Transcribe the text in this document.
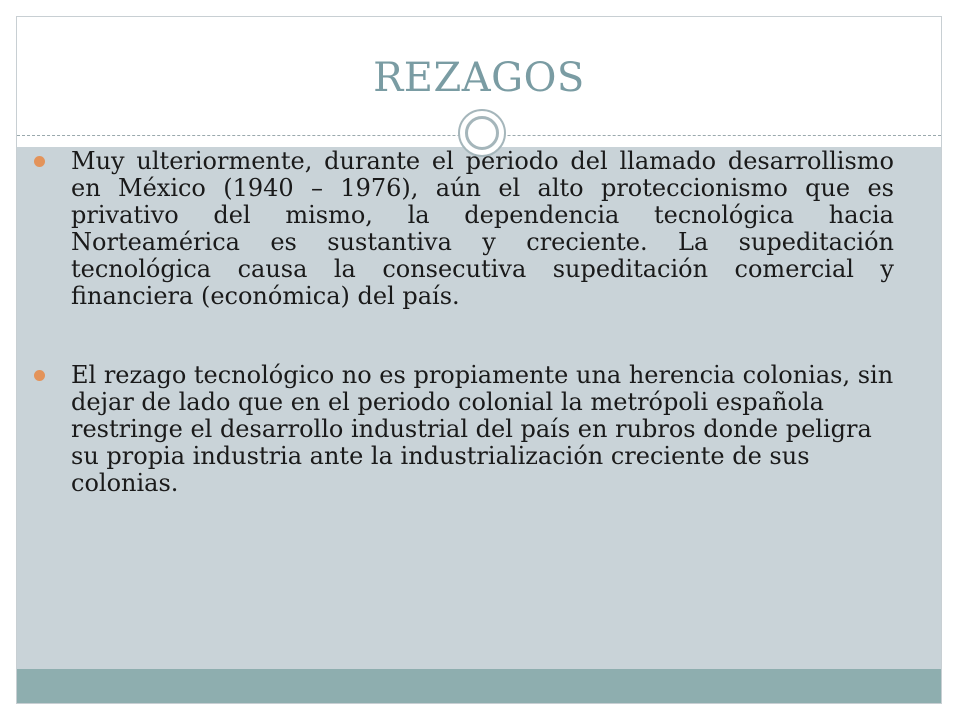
REZAGOS
Muy ulteriormente, durante el periodo del llamado desarrollismo en México (1940 – 1976), aún el alto proteccionismo que es privativo del mismo, la dependencia tecnológica hacia Norteamérica es sustantiva y creciente. La supeditación tecnológica causa la consecutiva supeditación comercial y financiera (económica) del país.
El rezago tecnológico no es propiamente una herencia colonias, sin dejar de lado que en el periodo colonial la metrópoli española restringe el desarrollo industrial del país en rubros donde peligra su propia industria ante la industrialización creciente de sus colonias.
